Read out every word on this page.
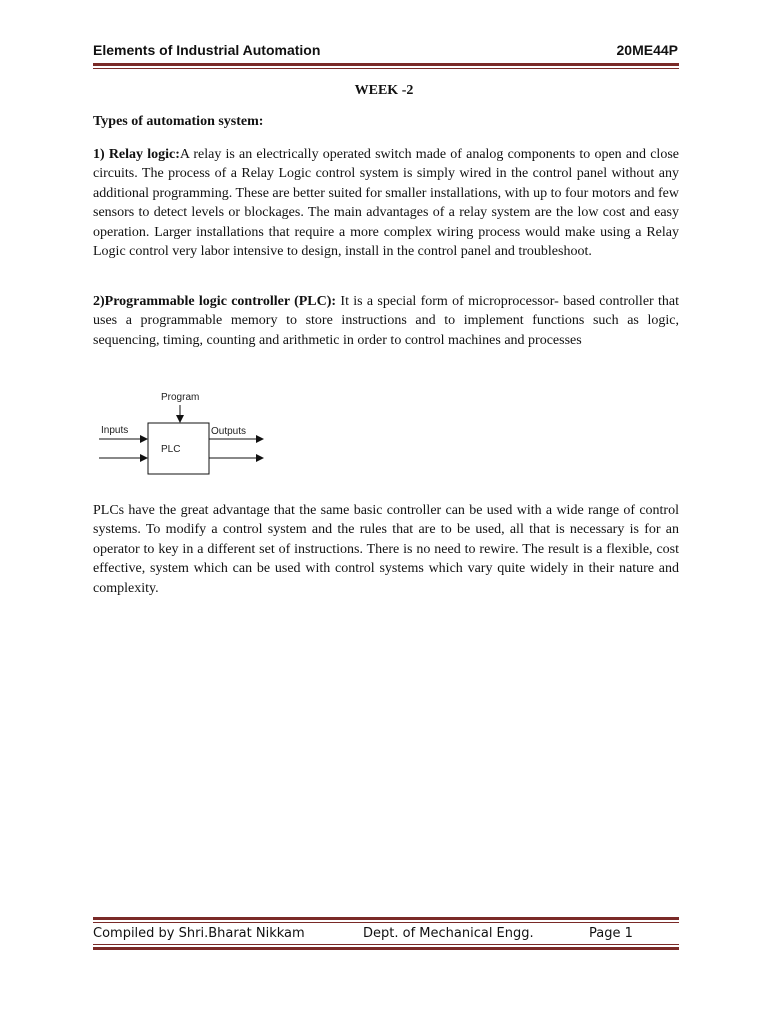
Elements of Industrial Automation	20ME44P
WEEK -2
Types of automation system:
1) Relay logic:A relay is an electrically operated switch made of analog components to open and close circuits. The process of a Relay Logic control system is simply wired in the control panel without any additional programming. These are better suited for smaller installations, with up to four motors and few sensors to detect levels or blockages. The main advantages of a relay system are the low cost and easy operation. Larger installations that require a more complex wiring process would make using a Relay Logic control very labor intensive to design, install in the control panel and troubleshoot.
2)Programmable logic controller (PLC): It is a special form of microprocessor- based controller that uses a programmable memory to store instructions and to implement functions such as logic, sequencing, timing, counting and arithmetic in order to control machines and processes
Program
PLC
Inputs	Outputs
PLCs have the great advantage that the same basic controller can be used with a wide range of control systems. To modify a control system and the rules that are to be used, all that is necessary is for an operator to key in a different set of instructions. There is no need to rewire. The result is a flexible, cost effective, system which can be used with control systems which vary quite widely in their nature and complexity.
Compiled by Shri.Bharat Nikkam	Dept. of Mechanical Engg.	Page 1
